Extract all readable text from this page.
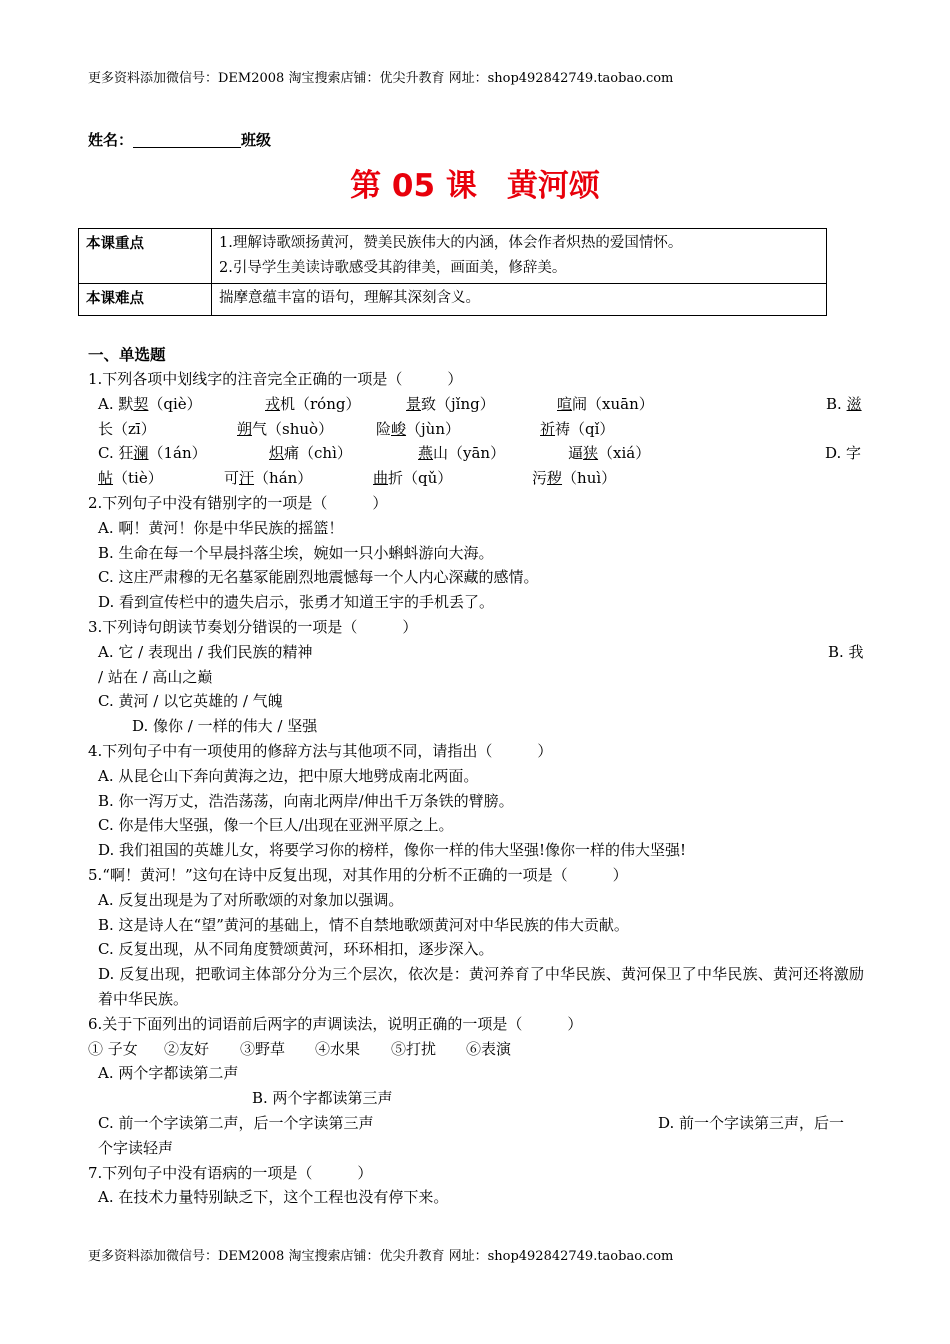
更多资料添加微信号：DEM2008 淘宝搜索店铺：优尖升教育 网址：shop492842749.taobao.com
姓名：	班级
第 05 课 黄河颂
本课重点	1.理解诗歌颂扬黄河，赞美民族伟大的内涵，体会作者炽热的爱国情怀。
2.引导学生美读诗歌感受其韵律美，画面美，修辞美。

本课难点	揣摩意蕴丰富的语句，理解其深刻含义。
一、单选题
1.下列各项中划线字的注音完全正确的一项是（　　　）
A. 默契（qiè）	戎机（róng）	景致（jǐng）	喧闹（xuān）	B. 滋
长（zī）	朔气（shuò）	险峻（jùn）	祈祷（qǐ）
C. 狂澜（1án）	炽痛（chì）	燕山（yān）	逼狭（xiá）	D. 字
帖（tiè）	可汗（hán）	曲折（qǔ）	污秽（huì）
2.下列句子中没有错别字的一项是（　　　）
A. 啊！黄河！你是中华民族的摇篮！
B. 生命在每一个早晨抖落尘埃，婉如一只小蝌蚪游向大海。
C. 这庄严肃穆的无名墓冢能剧烈地震憾每一个人内心深藏的感情。
D. 看到宣传栏中的遗失启示，张勇才知道王宇的手机丢了。
3.下列诗句朗读节奏划分错误的一项是（　　　）
A. 它 / 表现出 / 我们民族的精神	B. 我
/ 站在 / 高山之巅
C. 黄河 / 以它英雄的 / 气魄
D. 像你 / 一样的伟大 / 坚强
4.下列句子中有一项使用的修辞方法与其他项不同，请指出（　　　）
A. 从昆仑山下奔向黄海之边，把中原大地劈成南北两面。
B. 你一泻万丈，浩浩荡荡，向南北两岸/伸出千万条铁的臂膀。
C. 你是伟大坚强，像一个巨人/出现在亚洲平原之上。
D. 我们祖国的英雄儿女，将要学习你的榜样，像你一样的伟大坚强!像你一样的伟大坚强!
5.“啊！黄河！”这句在诗中反复出现，对其作用的分析不正确的一项是（　　　）
A. 反复出现是为了对所歌颂的对象加以强调。
B. 这是诗人在“望”黄河的基础上，情不自禁地歌颂黄河对中华民族的伟大贡献。
C. 反复出现，从不同角度赞颂黄河，环环相扣，逐步深入。
D. 反复出现，把歌词主体部分分为三个层次，依次是：黄河养育了中华民族、黄河保卫了中华民族、黄河还将激励着中华民族。
6.关于下面列出的词语前后两字的声调读法，说明正确的一项是（　　　）
① 子女 ②友好 ③野草 ④水果 ⑤打扰 ⑥表演
A. 两个字都读第二声
B. 两个字都读第三声
C. 前一个字读第二声，后一个字读第三声	D. 前一个字读第三声，后一
个字读轻声
7.下列句子中没有语病的一项是（　　　）
A. 在技术力量特别缺乏下，这个工程也没有停下来。
更多资料添加微信号：DEM2008 淘宝搜索店铺：优尖升教育 网址：shop492842749.taobao.com
